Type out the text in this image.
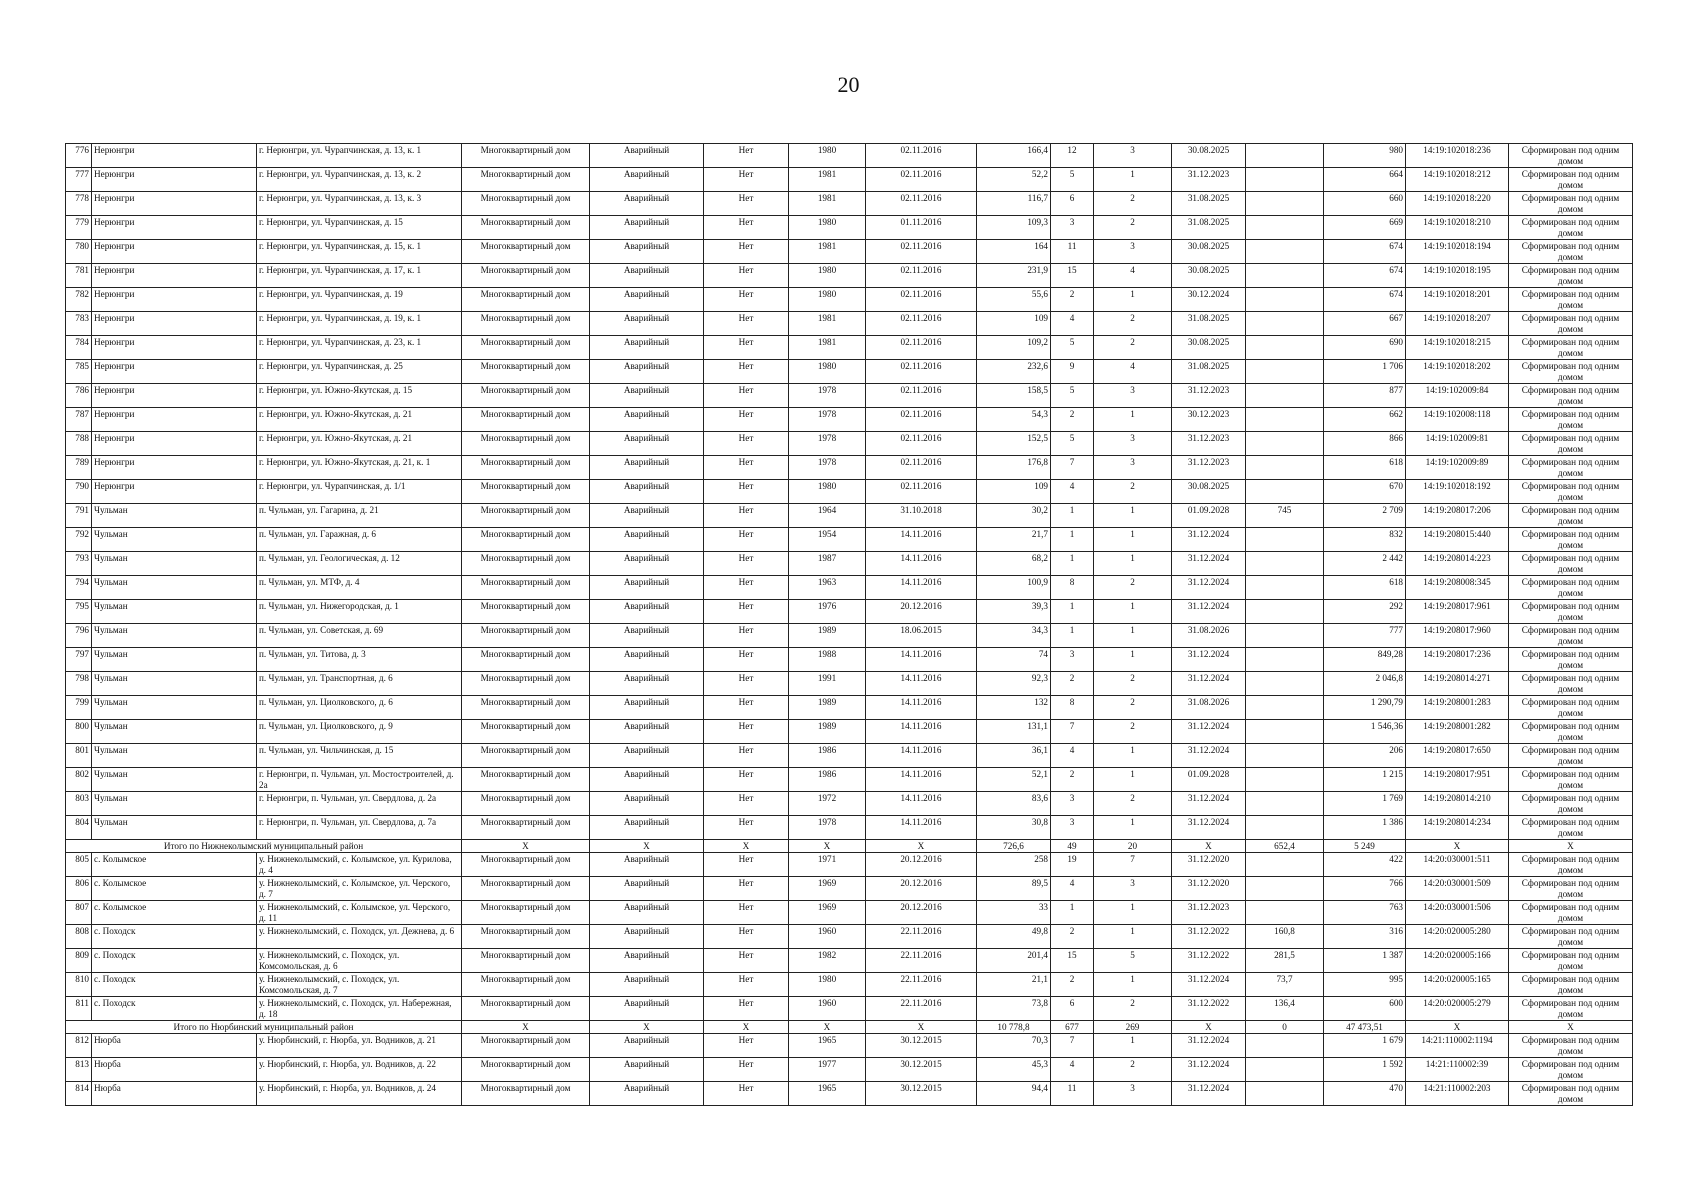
20
776	Нерюнгри	г. Нерюнгри, ул. Чурапчинская, д. 13, к. 1	Многоквартирный дом	Аварийный	Нет	1980	02.11.2016	166,4	12	3	30.08.2025		980	14:19:102018:236	Сформирован под одним домом
777	Нерюнгри	г. Нерюнгри, ул. Чурапчинская, д. 13, к. 2	Многоквартирный дом	Аварийный	Нет	1981	02.11.2016	52,2	5	1	31.12.2023		664	14:19:102018:212	Сформирован под одним домом
778	Нерюнгри	г. Нерюнгри, ул. Чурапчинская, д. 13, к. 3	Многоквартирный дом	Аварийный	Нет	1981	02.11.2016	116,7	6	2	31.08.2025		660	14:19:102018:220	Сформирован под одним домом
779	Нерюнгри	г. Нерюнгри, ул. Чурапчинская, д. 15	Многоквартирный дом	Аварийный	Нет	1980	01.11.2016	109,3	3	2	31.08.2025		669	14:19:102018:210	Сформирован под одним домом
780	Нерюнгри	г. Нерюнгри, ул. Чурапчинская, д. 15, к. 1	Многоквартирный дом	Аварийный	Нет	1981	02.11.2016	164	11	3	30.08.2025		674	14:19:102018:194	Сформирован под одним домом
781	Нерюнгри	г. Нерюнгри, ул. Чурапчинская, д. 17, к. 1	Многоквартирный дом	Аварийный	Нет	1980	02.11.2016	231,9	15	4	30.08.2025		674	14:19:102018:195	Сформирован под одним домом
782	Нерюнгри	г. Нерюнгри, ул. Чурапчинская, д. 19	Многоквартирный дом	Аварийный	Нет	1980	02.11.2016	55,6	2	1	30.12.2024		674	14:19:102018:201	Сформирован под одним домом
783	Нерюнгри	г. Нерюнгри, ул. Чурапчинская, д. 19, к. 1	Многоквартирный дом	Аварийный	Нет	1981	02.11.2016	109	4	2	31.08.2025		667	14:19:102018:207	Сформирован под одним домом
784	Нерюнгри	г. Нерюнгри, ул. Чурапчинская, д. 23, к. 1	Многоквартирный дом	Аварийный	Нет	1981	02.11.2016	109,2	5	2	30.08.2025		690	14:19:102018:215	Сформирован под одним домом
785	Нерюнгри	г. Нерюнгри, ул. Чурапчинская, д. 25	Многоквартирный дом	Аварийный	Нет	1980	02.11.2016	232,6	9	4	31.08.2025		1 706	14:19:102018:202	Сформирован под одним домом
786	Нерюнгри	г. Нерюнгри, ул. Южно-Якутская, д. 15	Многоквартирный дом	Аварийный	Нет	1978	02.11.2016	158,5	5	3	31.12.2023		877	14:19:102009:84	Сформирован под одним домом
787	Нерюнгри	г. Нерюнгри, ул. Южно-Якутская, д. 21	Многоквартирный дом	Аварийный	Нет	1978	02.11.2016	54,3	2	1	30.12.2023		662	14:19:102008:118	Сформирован под одним домом
788	Нерюнгри	г. Нерюнгри, ул. Южно-Якутская, д. 21	Многоквартирный дом	Аварийный	Нет	1978	02.11.2016	152,5	5	3	31.12.2023		866	14:19:102009:81	Сформирован под одним домом
789	Нерюнгри	г. Нерюнгри, ул. Южно-Якутская, д. 21, к. 1	Многоквартирный дом	Аварийный	Нет	1978	02.11.2016	176,8	7	3	31.12.2023		618	14:19:102009:89	Сформирован под одним домом
790	Нерюнгри	г. Нерюнгри, ул. Чурапчинская, д. 1/1	Многоквартирный дом	Аварийный	Нет	1980	02.11.2016	109	4	2	30.08.2025		670	14:19:102018:192	Сформирован под одним домом
791	Чульман	п. Чульман, ул. Гагарина, д. 21	Многоквартирный дом	Аварийный	Нет	1964	31.10.2018	30,2	1	1	01.09.2028	745	2 709	14:19:208017:206	Сформирован под одним домом
792	Чульман	п. Чульман, ул. Гаражная, д. 6	Многоквартирный дом	Аварийный	Нет	1954	14.11.2016	21,7	1	1	31.12.2024		832	14:19:208015:440	Сформирован под одним домом
793	Чульман	п. Чульман, ул. Геологическая, д. 12	Многоквартирный дом	Аварийный	Нет	1987	14.11.2016	68,2	1	1	31.12.2024		2 442	14:19:208014:223	Сформирован под одним домом
794	Чульман	п. Чульман, ул. МТФ, д. 4	Многоквартирный дом	Аварийный	Нет	1963	14.11.2016	100,9	8	2	31.12.2024		618	14:19:208008:345	Сформирован под одним домом
795	Чульман	п. Чульман, ул. Нижегородская, д. 1	Многоквартирный дом	Аварийный	Нет	1976	20.12.2016	39,3	1	1	31.12.2024		292	14:19:208017:961	Сформирован под одним домом
796	Чульман	п. Чульман, ул. Советская, д. 69	Многоквартирный дом	Аварийный	Нет	1989	18.06.2015	34,3	1	1	31.08.2026		777	14:19:208017:960	Сформирован под одним домом
797	Чульман	п. Чульман, ул. Титова, д. 3	Многоквартирный дом	Аварийный	Нет	1988	14.11.2016	74	3	1	31.12.2024		849,28	14:19:208017:236	Сформирован под одним домом
798	Чульман	п. Чульман, ул. Транспортная, д. 6	Многоквартирный дом	Аварийный	Нет	1991	14.11.2016	92,3	2	2	31.12.2024		2 046,8	14:19:208014:271	Сформирован под одним домом
799	Чульман	п. Чульман, ул. Циолковского, д. 6	Многоквартирный дом	Аварийный	Нет	1989	14.11.2016	132	8	2	31.08.2026		1 290,79	14:19:208001:283	Сформирован под одним домом
800	Чульман	п. Чульман, ул. Циолковского, д. 9	Многоквартирный дом	Аварийный	Нет	1989	14.11.2016	131,1	7	2	31.12.2024		1 546,36	14:19:208001:282	Сформирован под одним домом
801	Чульман	п. Чульман, ул. Чильчинская, д. 15	Многоквартирный дом	Аварийный	Нет	1986	14.11.2016	36,1	4	1	31.12.2024		206	14:19:208017:650	Сформирован под одним домом
802	Чульман	г. Нерюнгри, п. Чульман, ул. Мостостроителей, д. 2а	Многоквартирный дом	Аварийный	Нет	1986	14.11.2016	52,1	2	1	01.09.2028		1 215	14:19:208017:951	Сформирован под одним домом
803	Чульман	г. Нерюнгри, п. Чульман, ул. Свердлова, д. 2а	Многоквартирный дом	Аварийный	Нет	1972	14.11.2016	83,6	3	2	31.12.2024		1 769	14:19:208014:210	Сформирован под одним домом
804	Чульман	г. Нерюнгри, п. Чульман, ул. Свердлова, д. 7а	Многоквартирный дом	Аварийный	Нет	1978	14.11.2016	30,8	3	1	31.12.2024		1 386	14:19:208014:234	Сформирован под одним домом
Итого по Нижнеколымский муниципальный район			X	X	X	X	X	726,6	49	20	X	652,4	5 249	X	X
805	с. Колымское	у. Нижнеколымский, с. Колымское, ул. Курилова, д. 4	Многоквартирный дом	Аварийный	Нет	1971	20.12.2016	258	19	7	31.12.2020		422	14:20:030001:511	Сформирован под одним домом
806	с. Колымское	у. Нижнеколымский, с. Колымское, ул. Черского, д. 7	Многоквартирный дом	Аварийный	Нет	1969	20.12.2016	89,5	4	3	31.12.2020		766	14:20:030001:509	Сформирован под одним домом
807	с. Колымское	у. Нижнеколымский, с. Колымское, ул. Черского, д. 11	Многоквартирный дом	Аварийный	Нет	1969	20.12.2016	33	1	1	31.12.2023		763	14:20:030001:506	Сформирован под одним домом
808	с. Походск	у. Нижнеколымский, с. Походск, ул. Дежнева, д. 6	Многоквартирный дом	Аварийный	Нет	1960	22.11.2016	49,8	2	1	31.12.2022	160,8	316	14:20:020005:280	Сформирован под одним домом
809	с. Походск	у. Нижнеколымский, с. Походск, ул. Комсомольская, д. 6	Многоквартирный дом	Аварийный	Нет	1982	22.11.2016	201,4	15	5	31.12.2022	281,5	1 387	14:20:020005:166	Сформирован под одним домом
810	с. Походск	у. Нижнеколымский, с. Походск, ул. Комсомольская, д. 7	Многоквартирный дом	Аварийный	Нет	1980	22.11.2016	21,1	2	1	31.12.2024	73,7	995	14:20:020005:165	Сформирован под одним домом
811	с. Походск	у. Нижнеколымский, с. Походск, ул. Набережная, д. 18	Многоквартирный дом	Аварийный	Нет	1960	22.11.2016	73,8	6	2	31.12.2022	136,4	600	14:20:020005:279	Сформирован под одним домом
Итого по Нюрбинский муниципальный район			X	X	X	X	X	10 778,8	677	269	X	0	47 473,51	X	X
812	Нюрба	у. Нюрбинский, г. Нюрба, ул. Водников, д. 21	Многоквартирный дом	Аварийный	Нет	1965	30.12.2015	70,3	7	1	31.12.2024		1 679	14:21:110002:1194	Сформирован под одним домом
813	Нюрба	у. Нюрбинский, г. Нюрба, ул. Водников, д. 22	Многоквартирный дом	Аварийный	Нет	1977	30.12.2015	45,3	4	2	31.12.2024		1 592	14:21:110002:39	Сформирован под одним домом
814	Нюрба	у. Нюрбинский, г. Нюрба, ул. Водников, д. 24	Многоквартирный дом	Аварийный	Нет	1965	30.12.2015	94,4	11	3	31.12.2024		470	14:21:110002:203	Сформирован под одним домом
